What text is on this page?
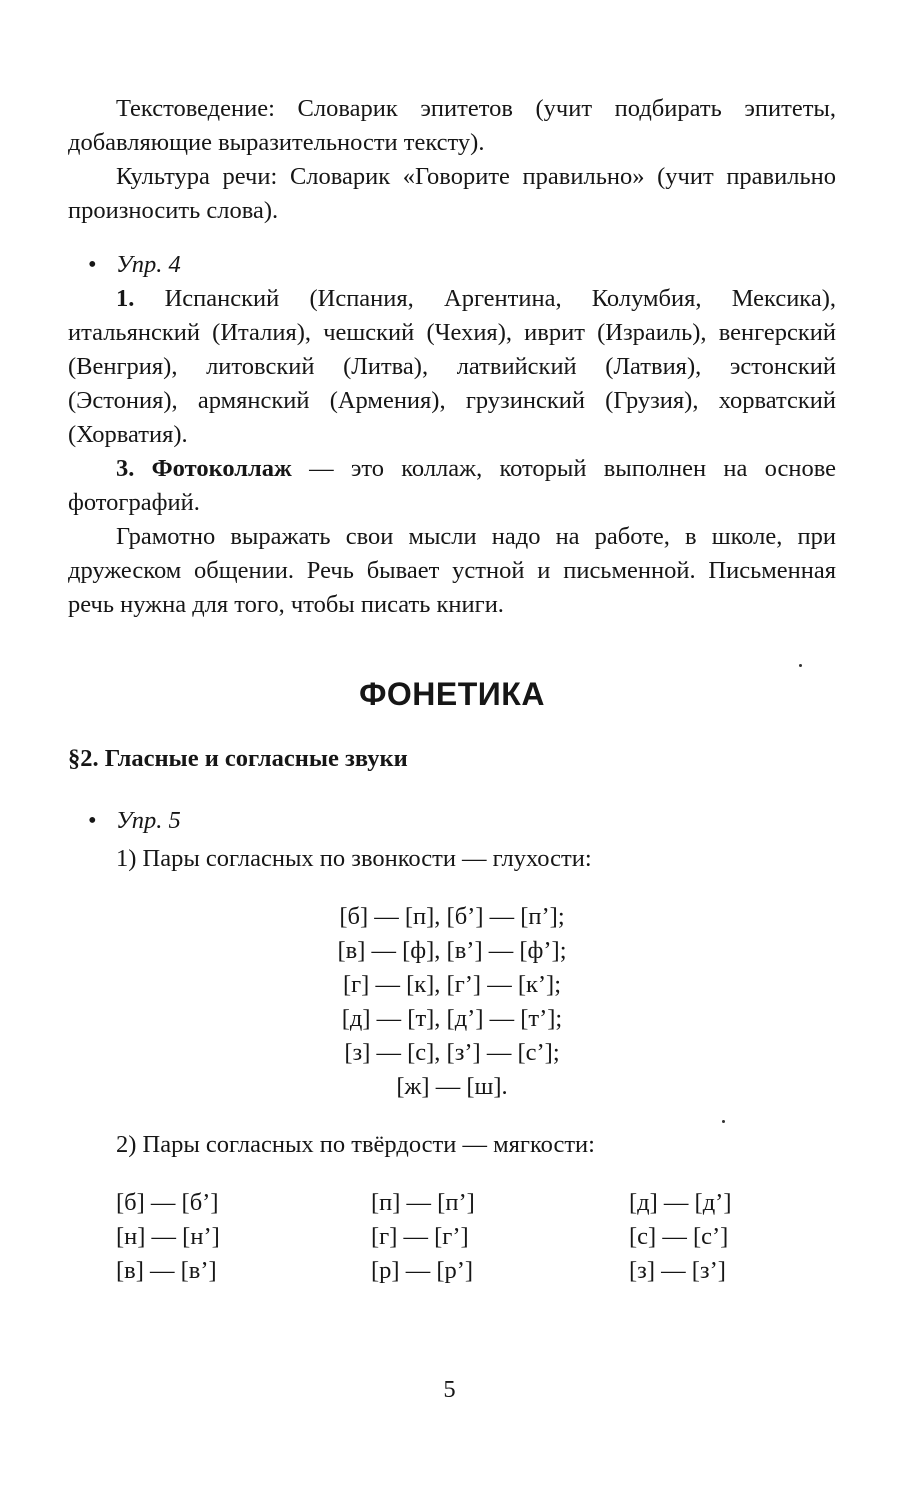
Текстоведение: Словарик эпитетов (учит подбирать эпитеты, добавляющие выразительности тексту).

Культура речи: Словарик «Говорите правильно» (учит правильно произносить слова).

• Упр. 4

1. Испанский (Испания, Аргентина, Колумбия, Мексика), итальянский (Италия), чешский (Чехия), иврит (Израиль), венгерский (Венгрия), литовский (Литва), латвийский (Латвия), эстонский (Эстония), армянский (Армения), грузинский (Грузия), хорватский (Хорватия).

3. Фотоколлаж — это коллаж, который выполнен на основе фотографий.

Грамотно выражать свои мысли надо на работе, в школе, при дружеском общении. Речь бывает устной и письменной. Письменная речь нужна для того, чтобы писать книги.

ФОНЕТИКА
§2. Гласные и согласные звуки

• Упр. 5

1) Пары согласных по звонкости — глухости:

[б] — [п], [б’] — [п’];
[в] — [ф], [в’] — [ф’];
[г] — [к], [г’] — [к’];
[д] — [т], [д’] — [т’];
[з] — [с], [з’] — [с’];
[ж] — [ш].

2) Пары согласных по твёрдости — мягкости:

[б] — [б’]	[п] — [п’]	[д] — [д’]
[н] — [н’]	[г] — [г’]	[с] — [с’]
[в] — [в’]	[р] — [р’]	[з] — [з’]
5
